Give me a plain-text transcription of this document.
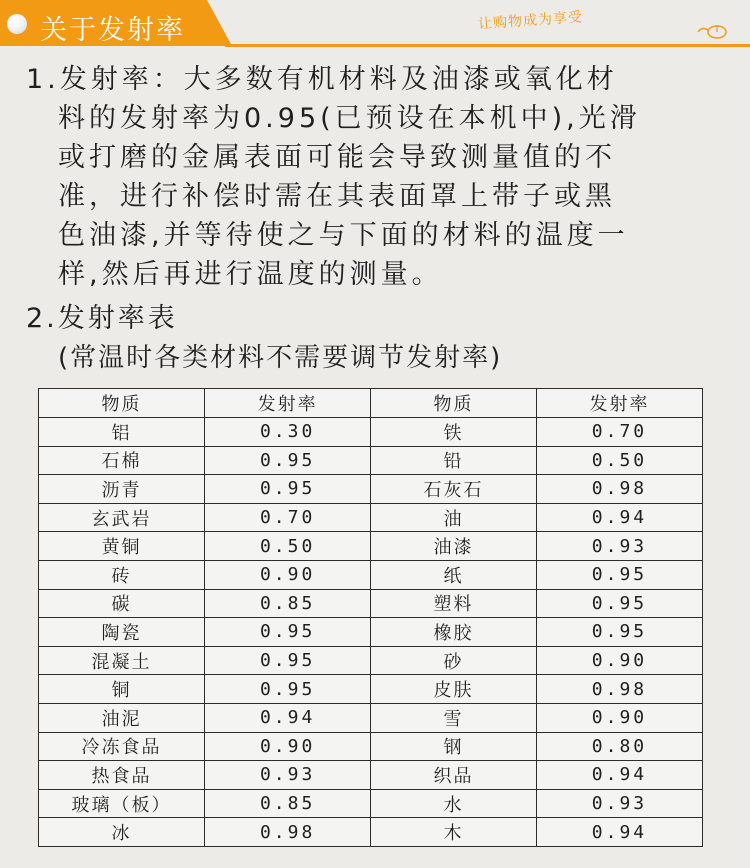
关于发射率	让购物成为享受
1.发射率：大多数有机材料及油漆或氧化材
料的发射率为0.95(已预设在本机中),光滑
或打磨的金属表面可能会导致测量值的不
准，进行补偿时需在其表面罩上带子或黑
色油漆,并等待使之与下面的材料的温度一
样,然后再进行温度的测量。
2.发射率表
(常温时各类材料不需要调节发射率)
物质	发射率	物质	发射率
铝	0.30	铁	0.70
石棉	0.95	铅	0.50
沥青	0.95	石灰石	0.98
玄武岩	0.70	油	0.94
黄铜	0.50	油漆	0.93
砖	0.90	纸	0.95
碳	0.85	塑料	0.95
陶瓷	0.95	橡胶	0.95
混凝土	0.95	砂	0.90
铜	0.95	皮肤	0.98
油泥	0.94	雪	0.90
冷冻食品	0.90	钢	0.80
热食品	0.93	织品	0.94
玻璃（板）	0.85	水	0.93
冰	0.98	木	0.94
